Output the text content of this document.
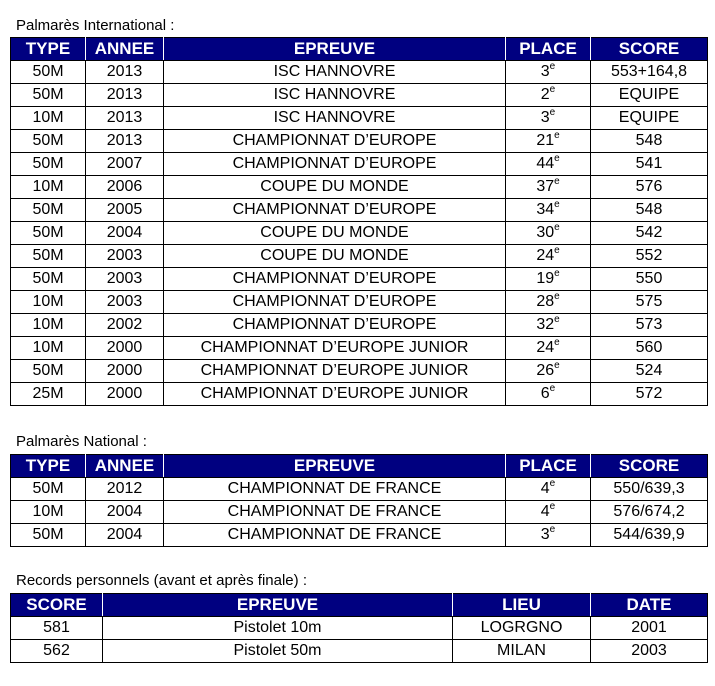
Palmarès International :
TYPE	ANNEE	EPREUVE	PLACE	SCORE
50M	2013	ISC HANNOVRE	3e	553+164,8
50M	2013	ISC HANNOVRE	2e	EQUIPE
10M	2013	ISC HANNOVRE	3e	EQUIPE
50M	2013	CHAMPIONNAT D’EUROPE	21e	548
50M	2007	CHAMPIONNAT D’EUROPE	44e	541
10M	2006	COUPE DU MONDE	37e	576
50M	2005	CHAMPIONNAT D’EUROPE	34e	548
50M	2004	COUPE DU MONDE	30e	542
50M	2003	COUPE DU MONDE	24e	552
50M	2003	CHAMPIONNAT D’EUROPE	19e	550
10M	2003	CHAMPIONNAT D’EUROPE	28e	575
10M	2002	CHAMPIONNAT D’EUROPE	32e	573
10M	2000	CHAMPIONNAT D’EUROPE JUNIOR	24e	560
50M	2000	CHAMPIONNAT D’EUROPE JUNIOR	26e	524
25M	2000	CHAMPIONNAT D’EUROPE JUNIOR	6e	572
Palmarès National :
TYPE	ANNEE	EPREUVE	PLACE	SCORE
50M	2012	CHAMPIONNAT DE FRANCE	4e	550/639,3
10M	2004	CHAMPIONNAT DE FRANCE	4e	576/674,2
50M	2004	CHAMPIONNAT DE FRANCE	3e	544/639,9
Records personnels (avant et après finale) :
SCORE	EPREUVE	LIEU	DATE
581	Pistolet 10m	LOGRGNO	2001
562	Pistolet 50m	MILAN	2003
